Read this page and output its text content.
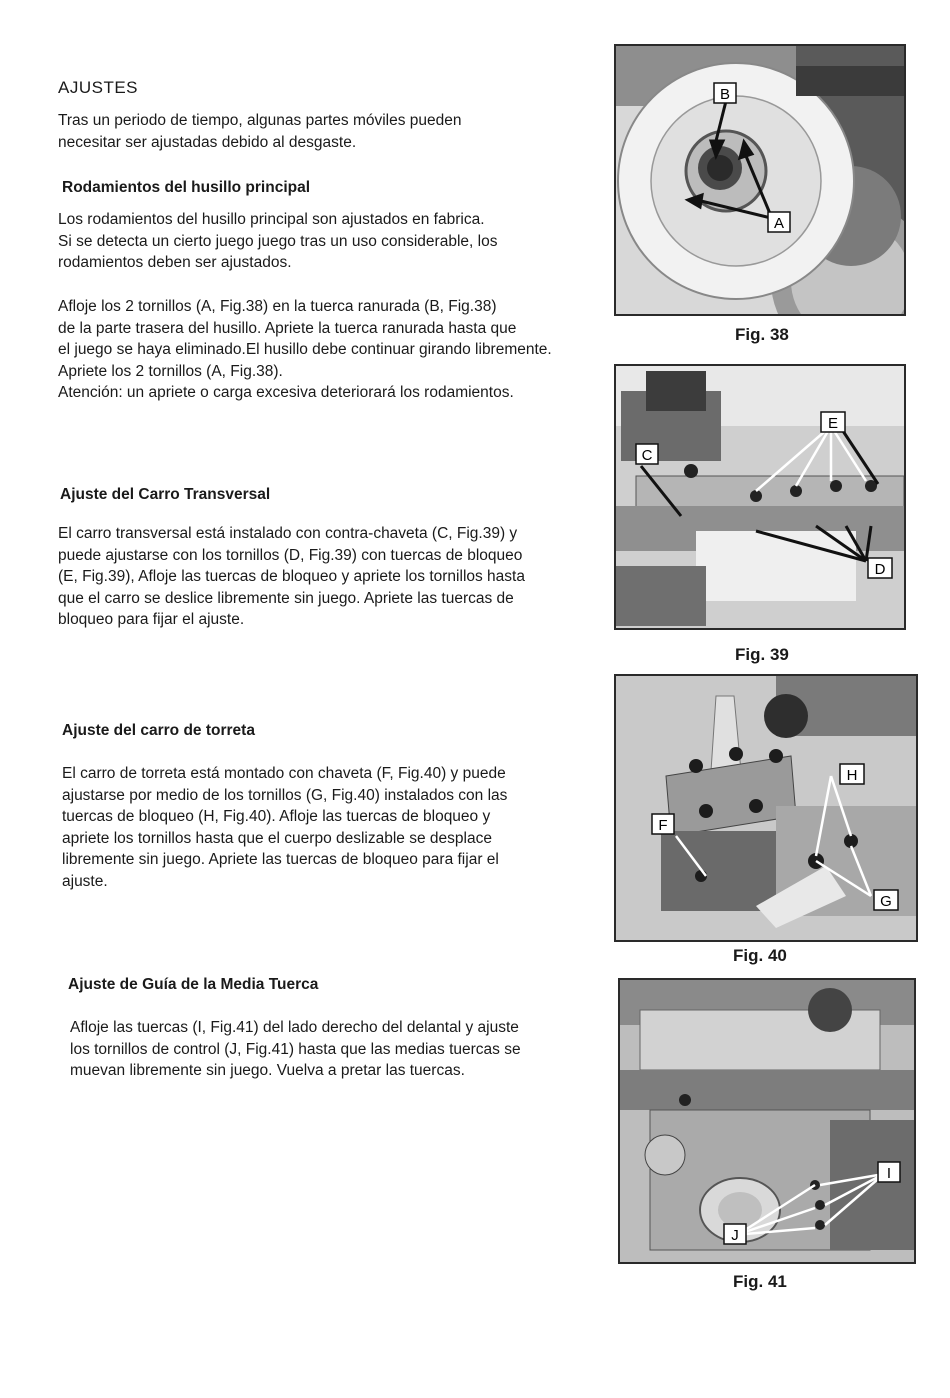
AJUSTES
Tras un periodo de tiempo, algunas partes móviles pueden
necesitar ser ajustadas debido al desgaste.
Rodamientos del husillo principal
Los rodamientos del husillo principal son ajustados en fabrica.
Si se detecta un cierto juego juego tras un uso considerable, los
rodamientos deben ser ajustados.
Afloje los 2 tornillos (A, Fig.38) en la tuerca ranurada (B, Fig.38)
de la parte trasera del husillo. Apriete la tuerca ranurada hasta que
el juego se haya eliminado.El husillo debe continuar girando libremente.
Apriete los 2 tornillos (A, Fig.38).
Atención: un apriete o carga excesiva deteriorará los rodamientos.
Ajuste del Carro Transversal
El carro transversal está instalado con contra-chaveta (C, Fig.39) y
puede ajustarse con los tornillos (D, Fig.39) con tuercas de bloqueo
(E, Fig.39), Afloje las tuercas de bloqueo y apriete los tornillos hasta
que el carro se deslice libremente sin juego. Apriete las tuercas de
bloqueo para fijar el ajuste.
Ajuste del carro de torreta
El carro de torreta está montado con chaveta (F, Fig.40) y puede
ajustarse por medio de los tornillos (G, Fig.40) instalados con las
tuercas de bloqueo (H, Fig.40). Afloje las tuercas de bloqueo y
apriete los tornillos hasta que el cuerpo deslizable se desplace
libremente sin juego. Apriete las tuercas de bloqueo para fijar el
ajuste.
Ajuste de Guía de la Media Tuerca
Afloje las tuercas (I, Fig.41) del lado derecho del delantal y ajuste
los tornillos de control (J, Fig.41) hasta que las medias tuercas se
muevan libremente sin juego. Vuelva a pretar las tuercas.
B
A
Fig. 38
E
C
D
Fig. 39
H
F
G
Fig. 40
I
J
Fig. 41
